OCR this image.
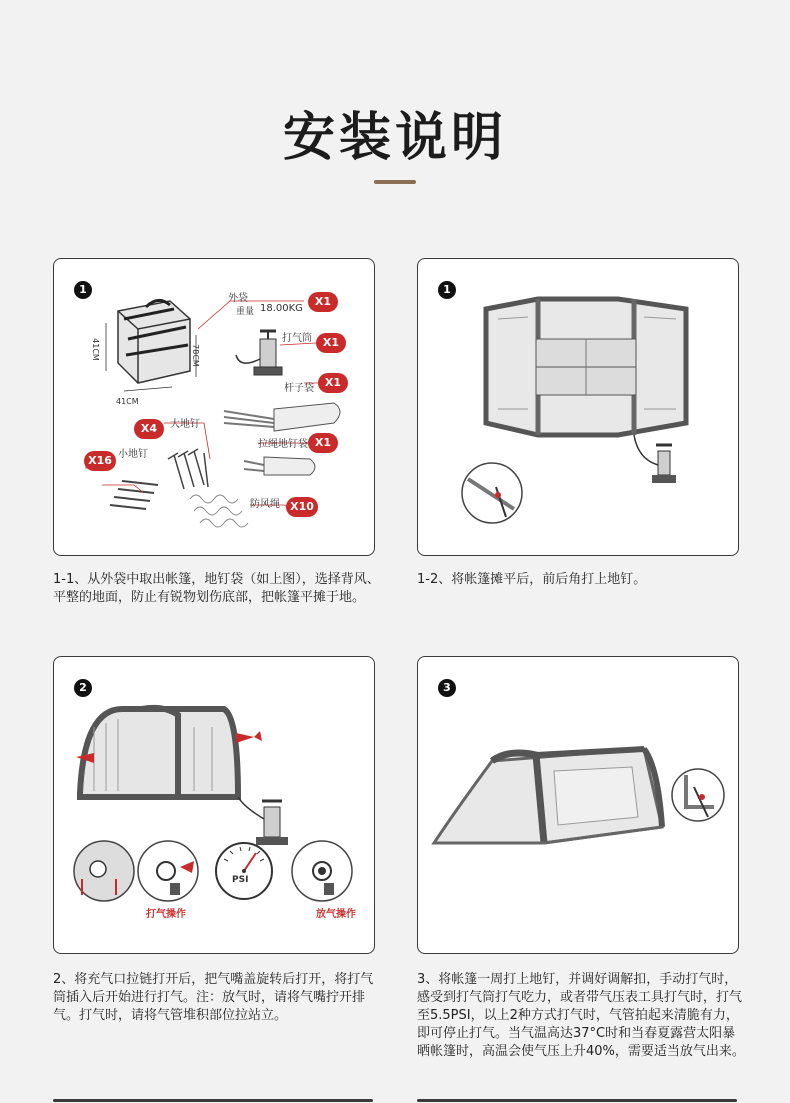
安装说明
1
外袋
重量 18.00KG
X1
打气筒 X1
杆子袋 X1
大地钉
X4
拉绳地钉袋 X1
小地钉
X16
防风绳 X10
41CM
41CM
78CM
1-1、从外袋中取出帐篷，地钉袋（如上图），选择背风、平整的地面，防止有锐物划伤底部，把帐篷平摊于地。
1
1-2、将帐篷摊平后，前后角打上地钉。
2
PSI
打气操作	放气操作
2、将充气口拉链打开后，把气嘴盖旋转后打开，将打气筒插入后开始进行打气。注：放气时，请将气嘴拧开排气。打气时，请将气管堆积部位拉站立。
3
3、将帐篷一周打上地钉，并调好调解扣，手动打气时，感受到打气筒打气吃力，或者带气压表工具打气时，打气至5.5PSI，以上2种方式打气时，气管拍起来清脆有力，即可停止打气。当气温高达37°C时和当春夏露营太阳暴晒帐篷时，高温会使气压上升40%，需要适当放气出来。
